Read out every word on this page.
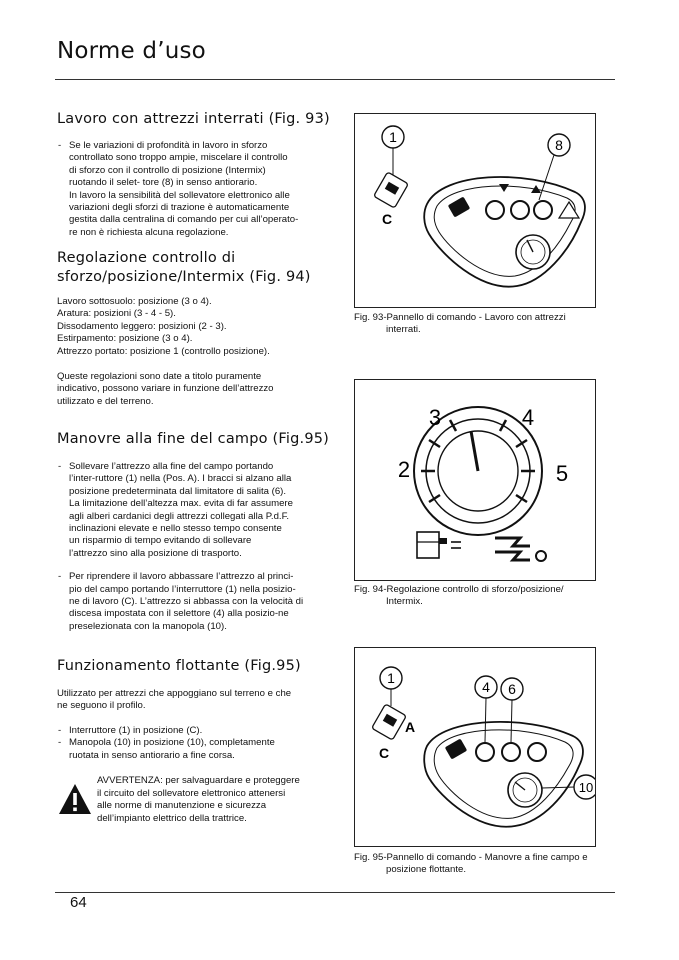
Norme d’uso
Lavoro con attrezzi interrati (Fig. 93)
- Se le variazioni di profondità in lavoro in sforzo
controllato sono troppo ampie, miscelare il controllo
di sforzo con il controllo di posizione (Intermix)
ruotando il selet- tore (8) in senso antiorario.
In lavoro la sensibilità del sollevatore elettronico alle
variazioni degli sforzi di trazione è automaticamente
gestita dalla centralina di comando per cui all’operato-
re non è richiesta alcuna regolazione.
Regolazione controllo di
sforzo/posizione/Intermix (Fig. 94)
Lavoro sottosuolo: posizione (3 o 4).
Aratura: posizioni (3 - 4 - 5).
Dissodamento leggero: posizioni (2 - 3).
Estirpamento: posizione (3 o 4).
Attrezzo portato: posizione 1 (controllo posizione).
Queste regolazioni sono date a titolo puramente
indicativo, possono variare in funzione dell’attrezzo
utilizzato e del terreno.
Manovre alla fine del campo (Fig.95)
- Sollevare l’attrezzo alla fine del campo portando
l’inter-ruttore (1) nella (Pos. A). I bracci si alzano alla
posizione predeterminata dal limitatore di salita (6).
La limitazione dell’altezza max. evita di far assumere
agli alberi cardanici degli attrezzi collegati alla P.d.F.
inclinazioni elevate e nello stesso tempo consente
un risparmio di tempo evitando di sollevare
l’attrezzo sino alla posizione di trasporto.
- Per riprendere il lavoro abbassare l’attrezzo al princi-
pio del campo portando l’interruttore (1) nella posizio-
ne di lavoro (C). L’attrezzo si abbassa con la velocità di
discesa impostata con il selettore (4) alla posizio-ne
preselezionata con la manopola (10).
Funzionamento flottante (Fig.95)
Utilizzato per attrezzi che appoggiano sul terreno e che
ne seguono il profilo.
- Interruttore (1) in posizione (C).
- Manopola (10) in posizione (10), completamente
ruotata in senso antiorario a fine corsa.
AVVERTENZA: per salvaguardare e proteggere
il circuito del sollevatore elettronico attenersi
alle norme di manutenzione e sicurezza
dell’impianto elettrico della trattrice.
1
C
8
Fig. 93-Pannello di comando - Lavoro con attrezzi
interrati.
3	4
2	5
Fig. 94-Regolazione controllo di sforzo/posizione/
Intermix.
1
A
C
4 6
10
Fig. 95-Pannello di comando - Manovre a fine campo e
posizione flottante.
64
